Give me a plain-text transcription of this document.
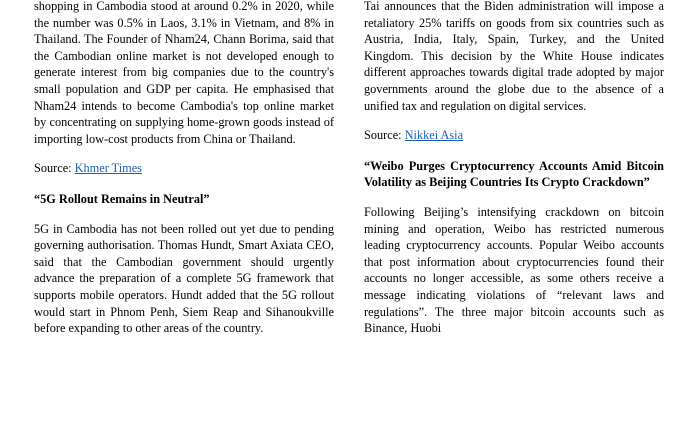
shopping in Cambodia stood at around 0.2% in 2020, while the number was 0.5% in Laos, 3.1% in Vietnam, and 8% in Thailand. The Founder of Nham24, Chann Borima, said that the Cambodian online market is not developed enough to generate interest from big companies due to the country's small population and GDP per capita. He emphasised that Nham24 intends to become Cambodia's top online market by concentrating on supplying home-grown goods instead of importing low-cost products from China or Thailand.

Source: Khmer Times

“5G Rollout Remains in Neutral”

5G in Cambodia has not been rolled out yet due to pending governing authorisation. Thomas Hundt, Smart Axiata CEO, said that the Cambodian government should urgently advance the preparation of a complete 5G framework that supports mobile operators. Hundt added that the 5G rollout would start in Phnom Penh, Siem Reap and Sihanoukville before expanding to other areas of the country.

Tai announces that the Biden administration will impose a retaliatory 25% tariffs on goods from six countries such as Austria, India, Italy, Spain, Turkey, and the United Kingdom. This decision by the White House indicates different approaches towards digital trade adopted by major governments around the globe due to the absence of a unified tax and regulation on digital services.

Source: Nikkei Asia

“Weibo Purges Cryptocurrency Accounts Amid Bitcoin Volatility as Beijing Countries Its Crypto Crackdown”

Following Beijing’s intensifying crackdown on bitcoin mining and operation, Weibo has restricted numerous leading cryptocurrency accounts. Popular Weibo accounts that post information about cryptocurrencies found their accounts no longer accessible, as some others receive a message indicating violations of “relevant laws and regulations”. The three major bitcoin accounts such as Binance, Huobi
